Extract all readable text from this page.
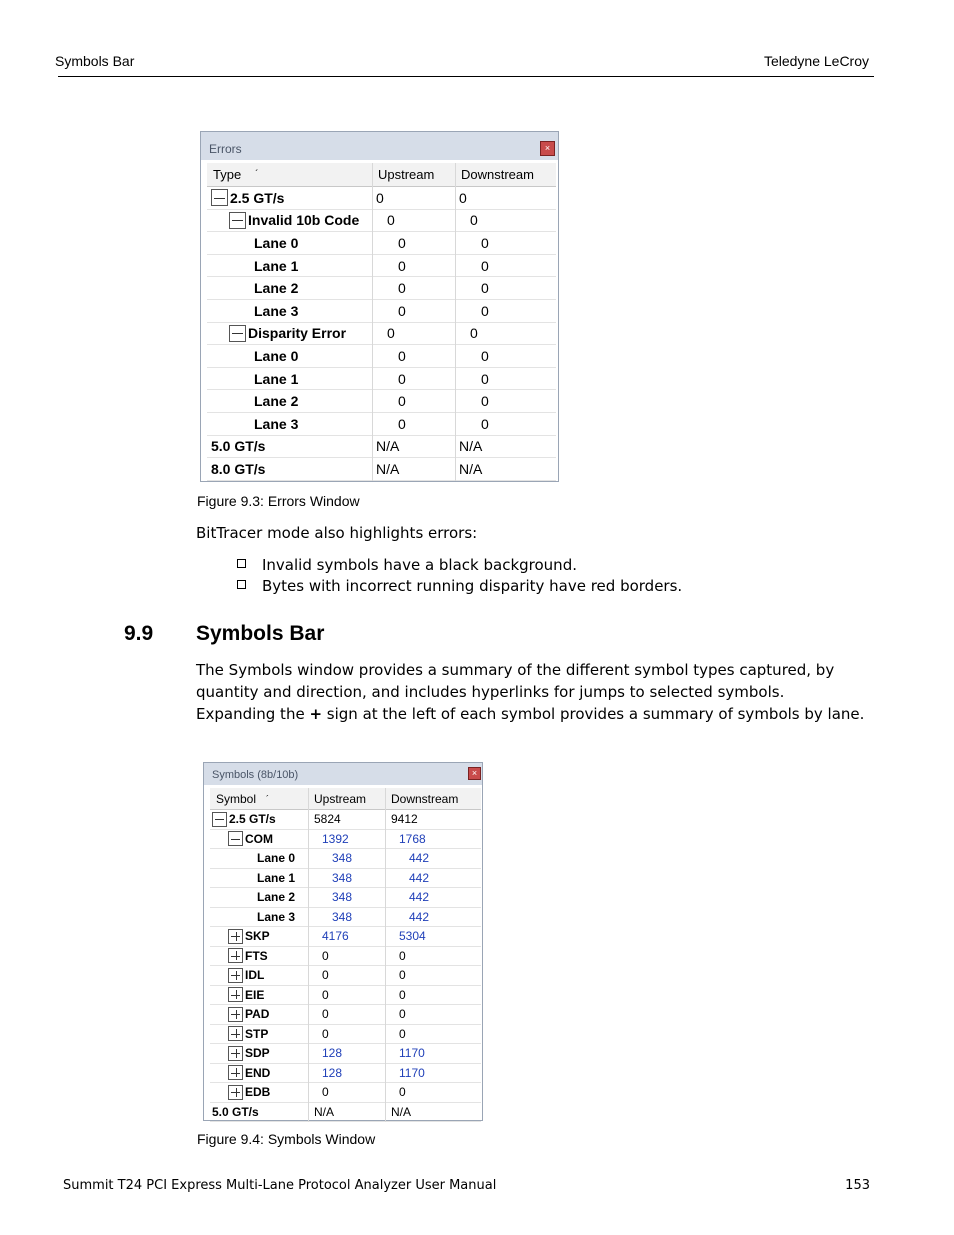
Symbols Bar	Teledyne LeCroy
Errors	×
Type ´	Upstream Downstream
2.5 GT/s	0	0
Invalid 10b Code 0	0
Lane 0	0	0
Lane 1	0	0
Lane 2	0	0
Lane 3	0	0
Disparity Error	0	0
Lane 0	0	0
Lane 1	0	0
Lane 2	0	0
Lane 3	0	0
5.0 GT/s	N/A	N/A
8.0 GT/s	N/A	N/A
Figure 9.3: Errors Window
BitTracer mode also highlights errors:
Invalid symbols have a black background.
Bytes with incorrect running disparity have red borders.
9.9 Symbols Bar
The Symbols window provides a summary of the different symbol types captured, by
quantity and direction, and includes hyperlinks for jumps to selected symbols.
Expanding the + sign at the left of each symbol provides a summary of symbols by lane.
Symbols (8b/10b)	×
Symbol ´	Upstream Downstream
2.5 GT/s	5824	9412
COM	1392	1768
Lane 0	348	442
Lane 1	348	442
Lane 2	348	442
Lane 3	348	442
SKP	4176	5304
FTS	0	0
IDL	0	0
EIE	0	0
PAD	0	0
STP	0	0
SDP	128	1170
END	128	1170
EDB	0	0
5.0 GT/s	N/A	N/A
Figure 9.4: Symbols Window
Summit T24 PCI Express Multi-Lane Protocol Analyzer User Manual	153
